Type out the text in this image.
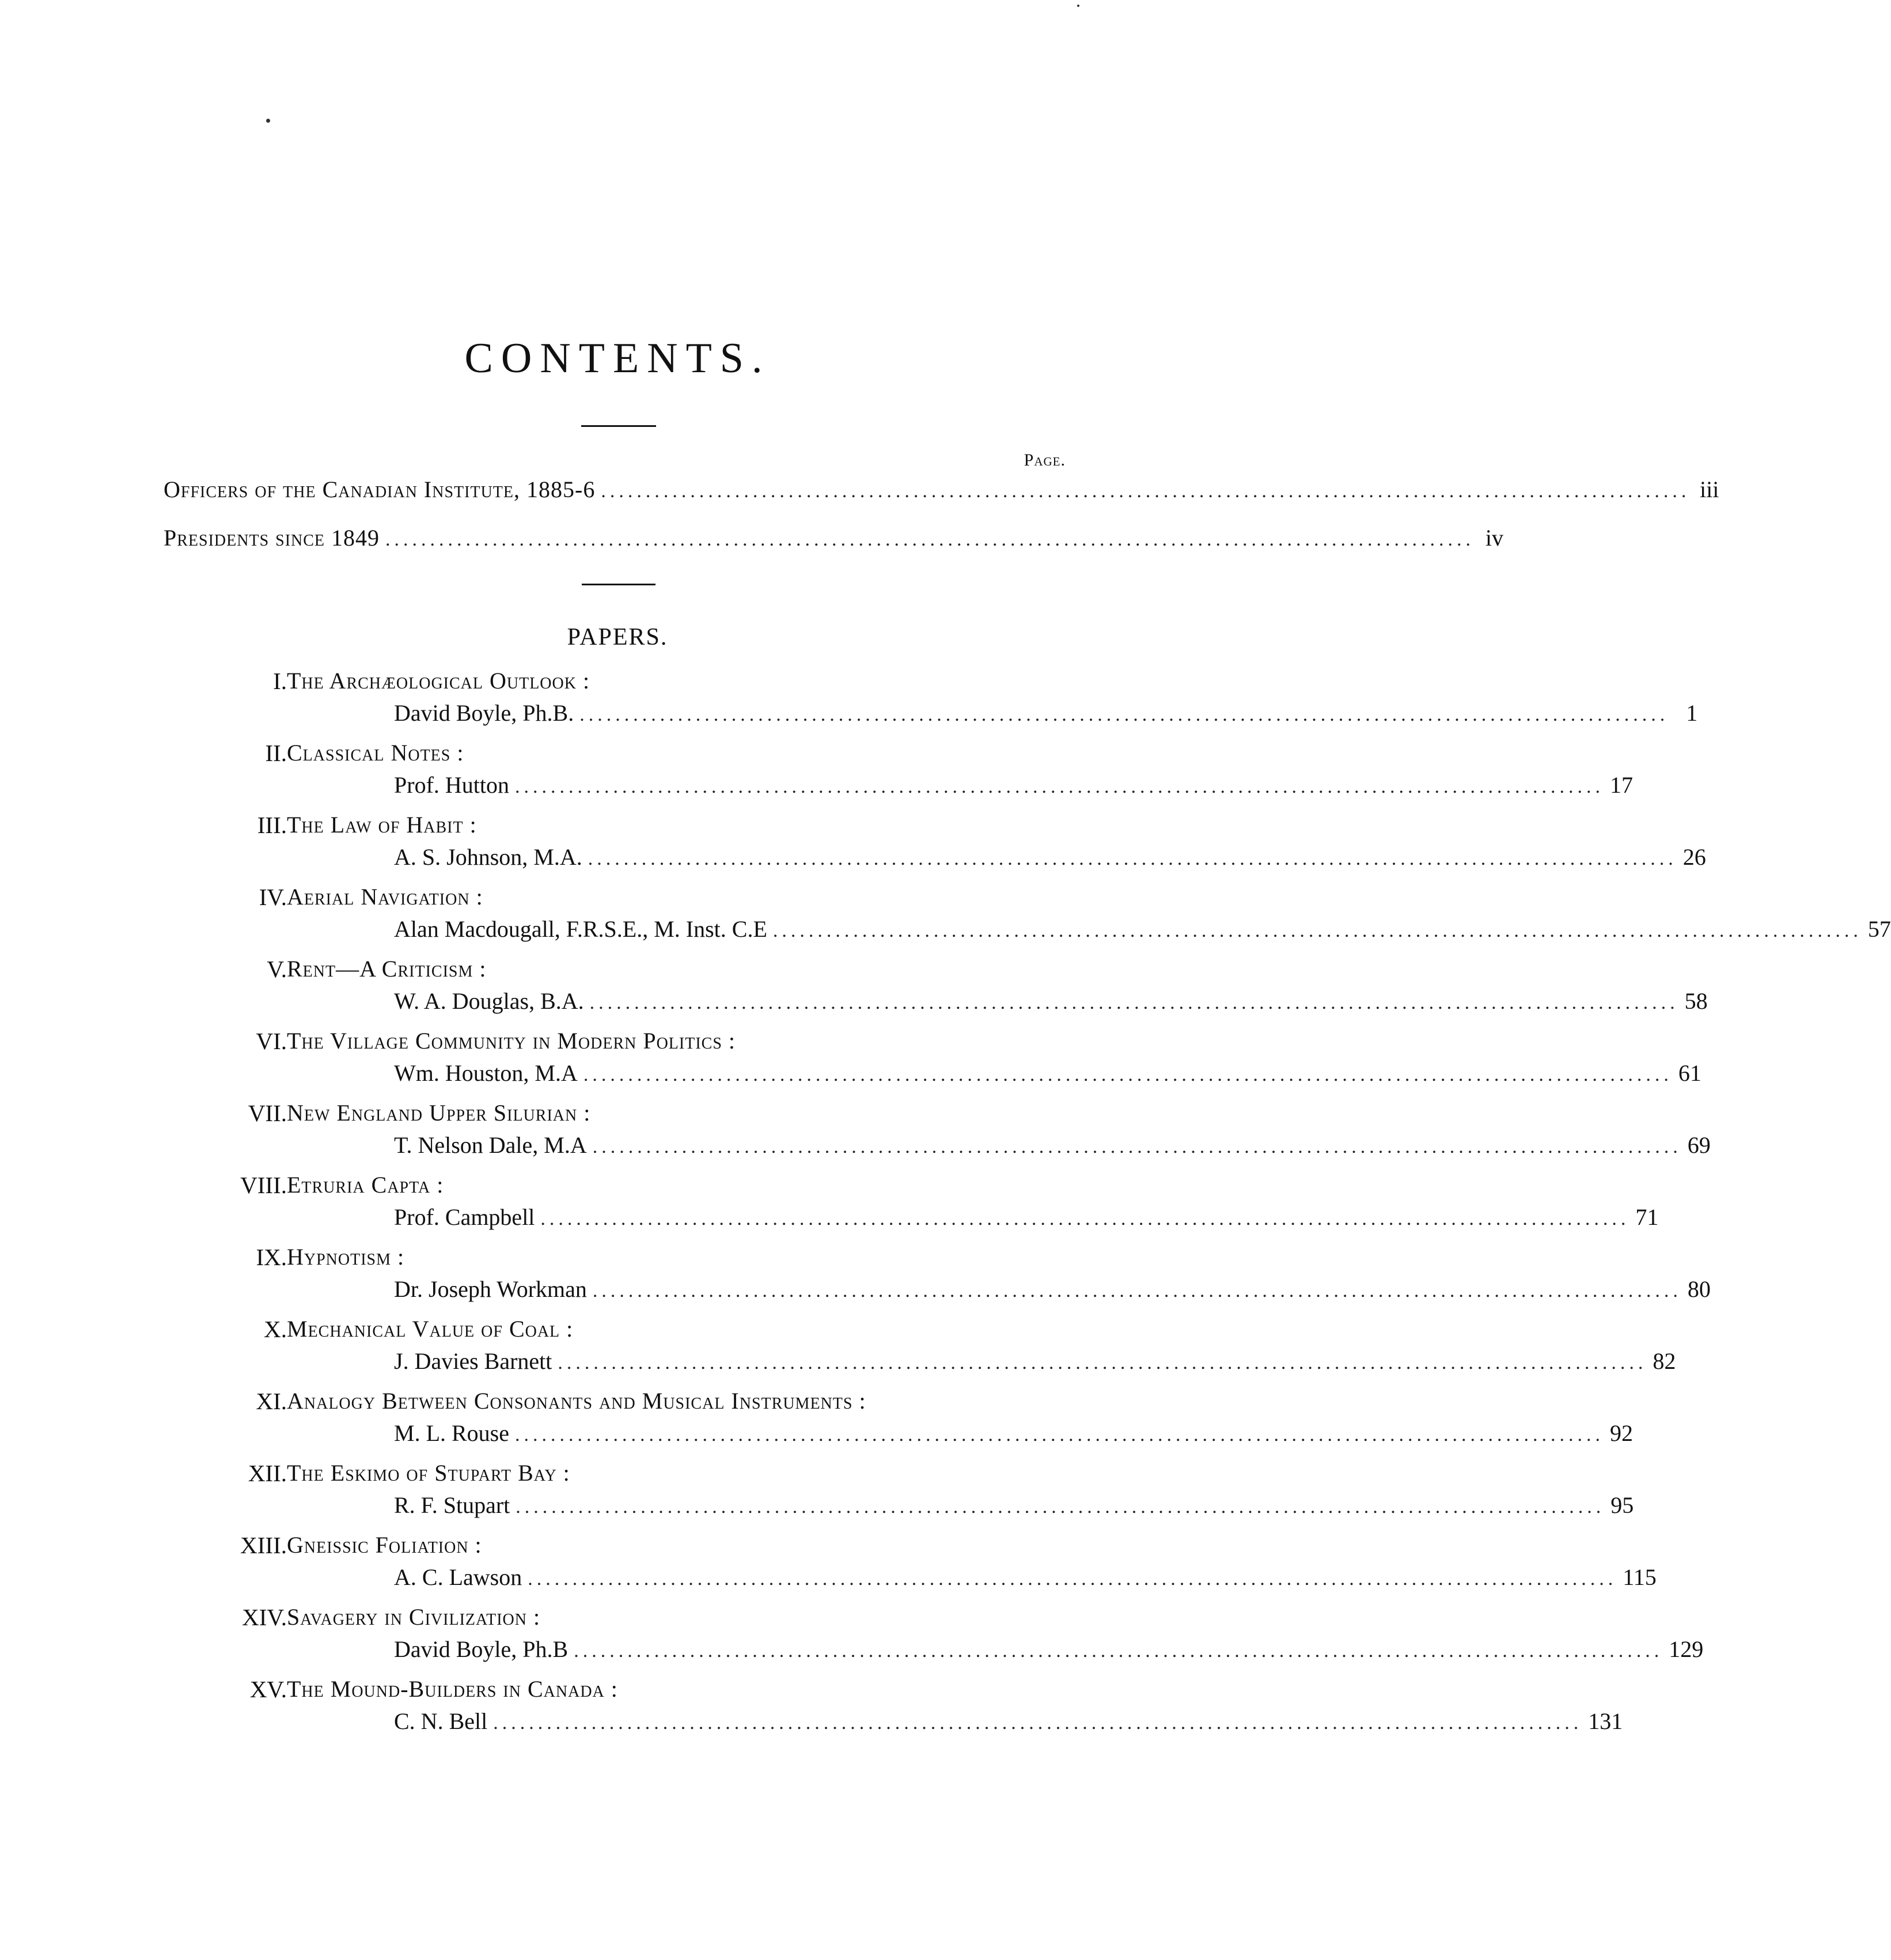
CONTENTS.
Page.
Officers of the Canadian Institute, 1885-6 .......................................................................................................................... iii
Presidents since 1849 .......................................................................................................................... iv
PAPERS.
I. The Archæological Outlook :
David Boyle, Ph.B. .......................................................................................................................... 1
II. Classical Notes :
Prof. Hutton .......................................................................................................................... 17
III. The Law of Habit :
A. S. Johnson, M.A. .......................................................................................................................... 26
IV. Aerial Navigation :
Alan Macdougall, F.R.S.E., M. Inst. C.E .......................................................................................................................... 57
V. Rent—A Criticism :
W. A. Douglas, B.A. .......................................................................................................................... 58
VI. The Village Community in Modern Politics :
Wm. Houston, M.A .......................................................................................................................... 61
VII. New England Upper Silurian :
T. Nelson Dale, M.A .......................................................................................................................... 69
VIII. Etruria Capta :
Prof. Campbell .......................................................................................................................... 71
IX. Hypnotism :
Dr. Joseph Workman .......................................................................................................................... 80
X. Mechanical Value of Coal :
J. Davies Barnett .......................................................................................................................... 82
XI. Analogy Between Consonants and Musical Instruments :
M. L. Rouse .......................................................................................................................... 92
XII. The Eskimo of Stupart Bay :
R. F. Stupart .......................................................................................................................... 95
XIII. Gneissic Foliation :
A. C. Lawson .......................................................................................................................... 115
XIV. Savagery in Civilization :
David Boyle, Ph.B .......................................................................................................................... 129
XV. The Mound-Builders in Canada :
C. N. Bell .......................................................................................................................... 131
